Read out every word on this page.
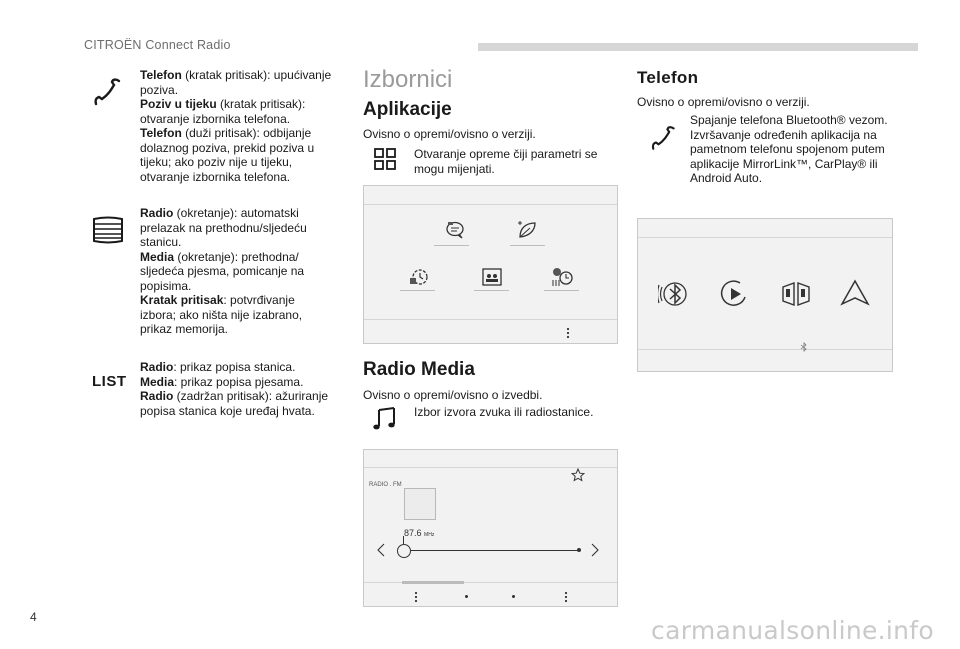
CITROËN Connect Radio
Telefon (kratak pritisak): upućivanje poziva.
Poziv u tijeku (kratak pritisak): otvaranje izbornika telefona.
Telefon (duži pritisak): odbijanje dolaznog poziva, prekid poziva u tijeku; ako poziv nije u tijeku, otvaranje izbornika telefona.
Radio (okretanje): automatski prelazak na prethodnu/sljedeću stanicu.
Media (okretanje): prethodna/ sljedeća pjesma, pomicanje na popisima.
Kratak pritisak: potvrđivanje izbora; ako ništa nije izabrano, prikaz memorija.
LIST
Radio: prikaz popisa stanica.
Media: prikaz popisa pjesama.
Radio (zadržan pritisak): ažuriranje popisa stanica koje uređaj hvata.
Izbornici
Aplikacije
Ovisno o opremi/ovisno o verziji.
Otvaranje opreme čiji parametri se mogu mijenjati.
Radio Media
Ovisno o opremi/ovisno o izvedbi.
Izbor izvora zvuka ili radiostanice.
RADIO . FM
87.6 MHz
Telefon
Ovisno o opremi/ovisno o verziji.
Spajanje telefona Bluetooth® vezom. Izvršavanje određenih aplikacija na pametnom telefonu spojenom putem aplikacije MirrorLink™, CarPlay® ili Android Auto.
4	carmanualsonline.info
